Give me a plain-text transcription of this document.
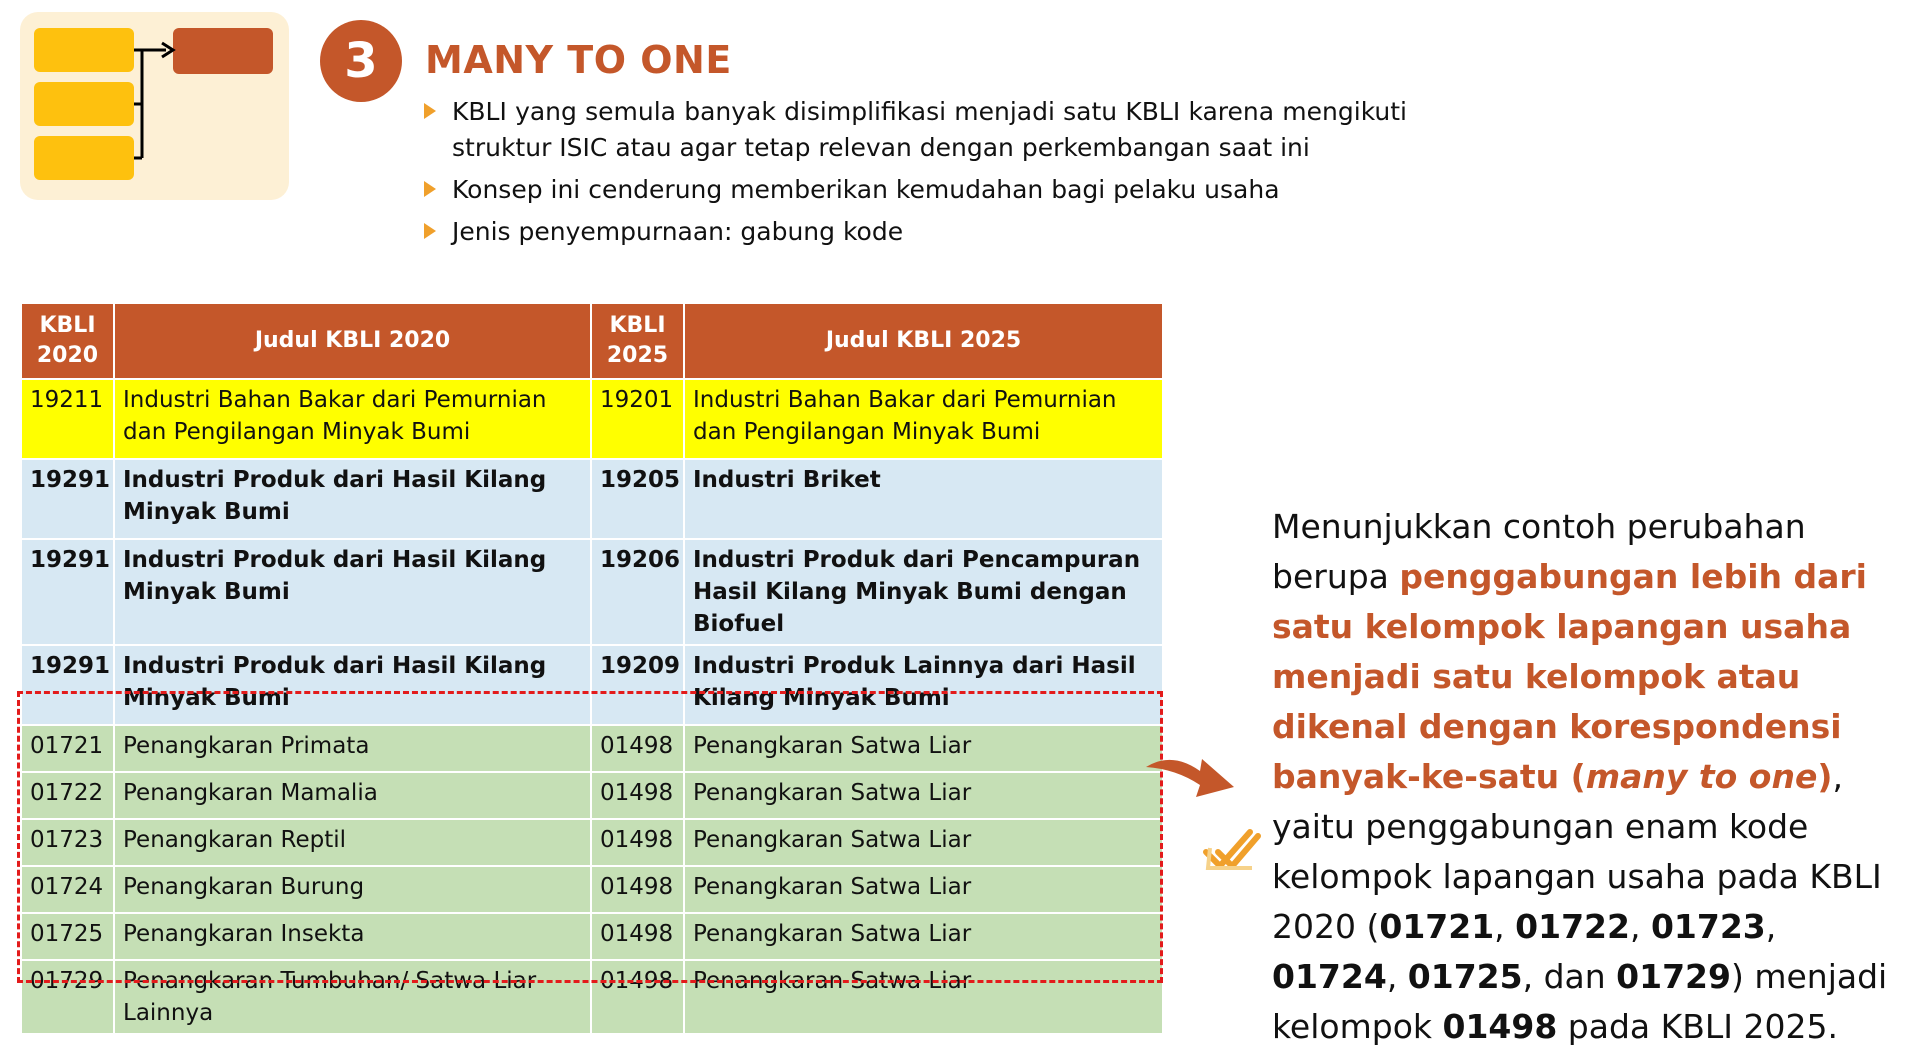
3	MANY TO ONE
KBLI yang semula banyak disimplifikasi menjadi satu KBLI karena mengikuti struktur ISIC atau agar tetap relevan dengan perkembangan saat ini
Konsep ini cenderung memberikan kemudahan bagi pelaku usaha
Jenis penyempurnaan: gabung kode
KBLI 2020	Judul KBLI 2020	KBLI 2025	Judul KBLI 2025
19211	Industri Bahan Bakar dari Pemurnian dan Pengilangan Minyak Bumi	19201	Industri Bahan Bakar dari Pemurnian dan Pengilangan Minyak Bumi
19291	Industri Produk dari Hasil Kilang Minyak Bumi	19205	Industri Briket
19291	Industri Produk dari Hasil Kilang Minyak Bumi	19206	Industri Produk dari Pencampuran Hasil Kilang Minyak Bumi dengan Biofuel
19291	Industri Produk dari Hasil Kilang Minyak Bumi	19209	Industri Produk Lainnya dari Hasil Kilang Minyak Bumi
01721	Penangkaran Primata	01498	Penangkaran Satwa Liar
01722	Penangkaran Mamalia	01498	Penangkaran Satwa Liar
01723	Penangkaran Reptil	01498	Penangkaran Satwa Liar
01724	Penangkaran Burung	01498	Penangkaran Satwa Liar
01725	Penangkaran Insekta	01498	Penangkaran Satwa Liar
01729	Penangkaran Tumbuhan/ Satwa Liar Lainnya	01498	Penangkaran Satwa Liar
Menunjukkan contoh perubahan berupa penggabungan lebih dari satu kelompok lapangan usaha menjadi satu kelompok atau dikenal dengan korespondensi banyak-ke-satu (many to one), yaitu penggabungan enam kode kelompok lapangan usaha pada KBLI 2020 (01721, 01722, 01723, 01724, 01725, dan 01729) menjadi kelompok 01498 pada KBLI 2025.
